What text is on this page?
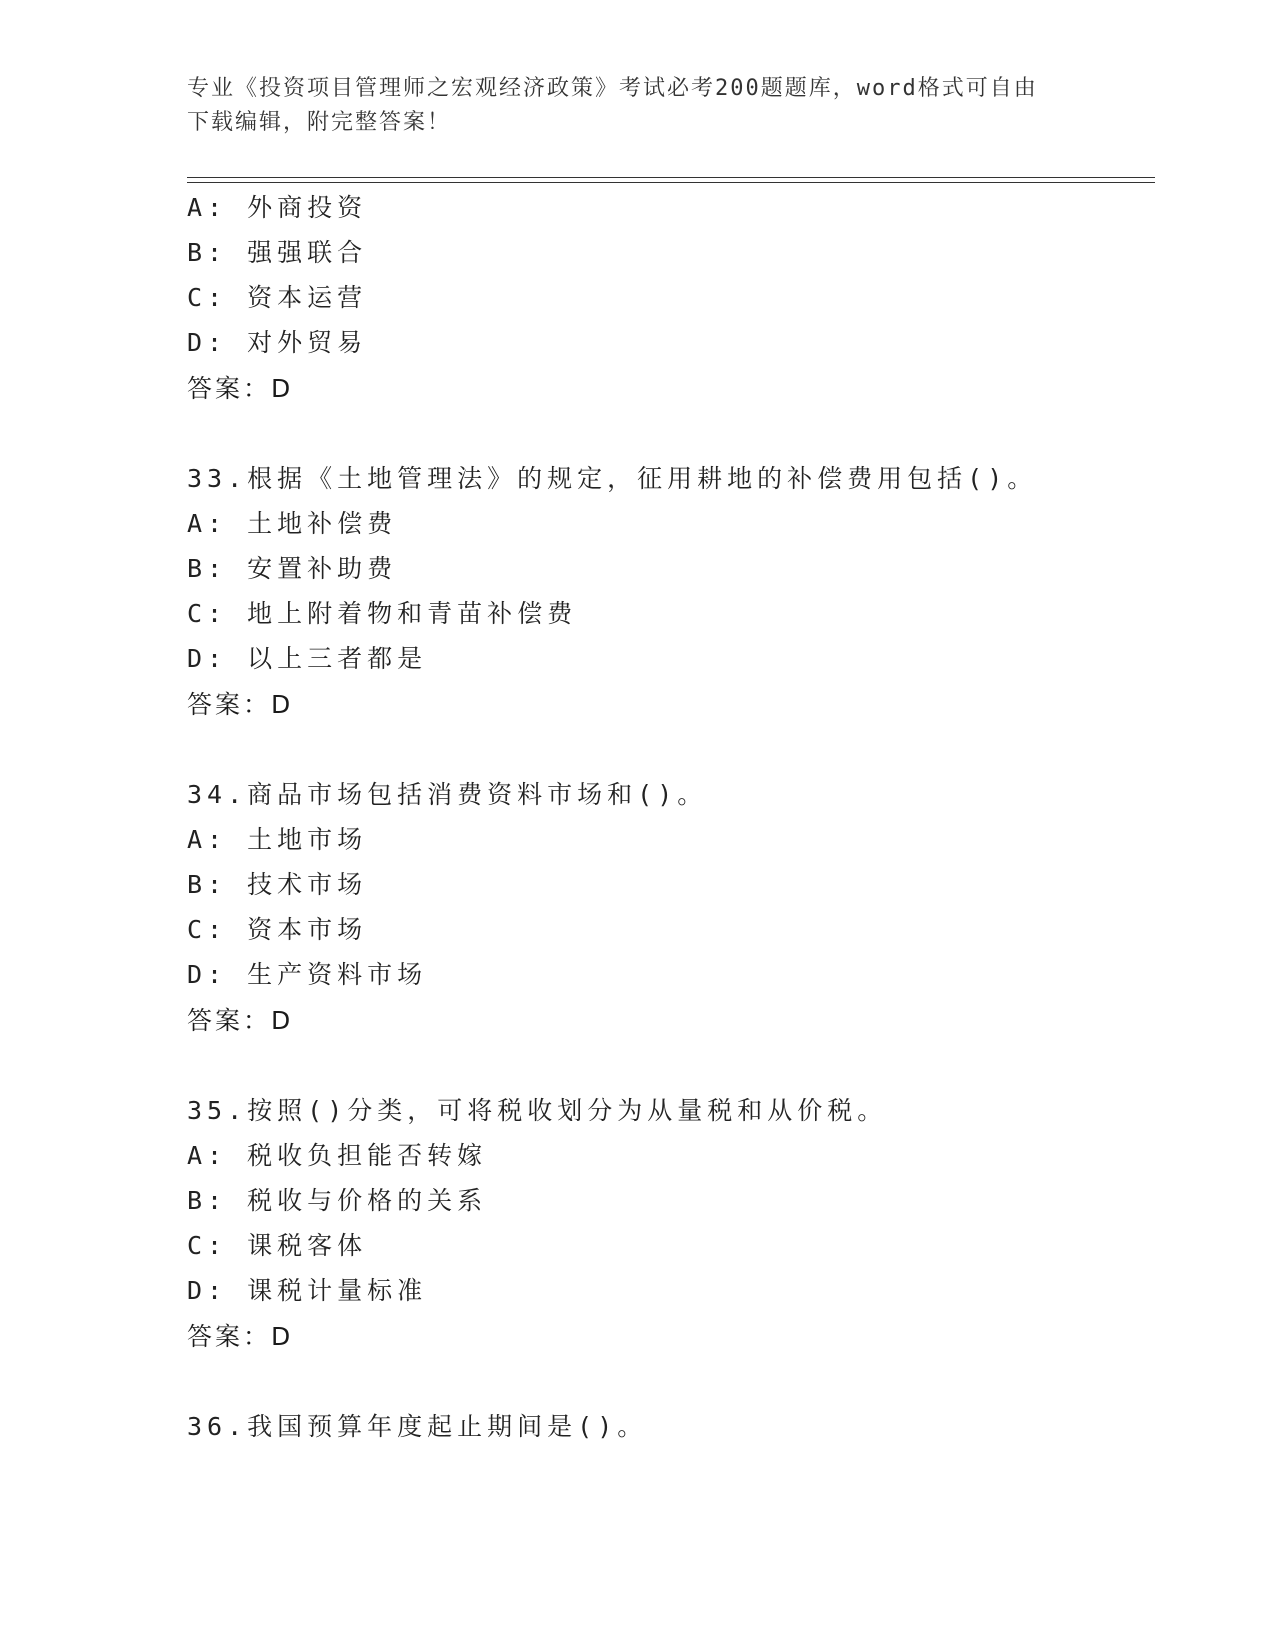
专业《投资项目管理师之宏观经济政策》考试必考200题题库，word格式可自由
下载编辑，附完整答案！
A: 外商投资
B: 强强联合
C: 资本运营
D: 对外贸易
答案：D
33.根据《土地管理法》的规定，征用耕地的补偿费用包括()。
A: 土地补偿费
B: 安置补助费
C: 地上附着物和青苗补偿费
D: 以上三者都是
答案：D
34.商品市场包括消费资料市场和()。
A: 土地市场
B: 技术市场
C: 资本市场
D: 生产资料市场
答案：D
35.按照()分类，可将税收划分为从量税和从价税。
A: 税收负担能否转嫁
B: 税收与价格的关系
C: 课税客体
D: 课税计量标准
答案：D
36.我国预算年度起止期间是()。
